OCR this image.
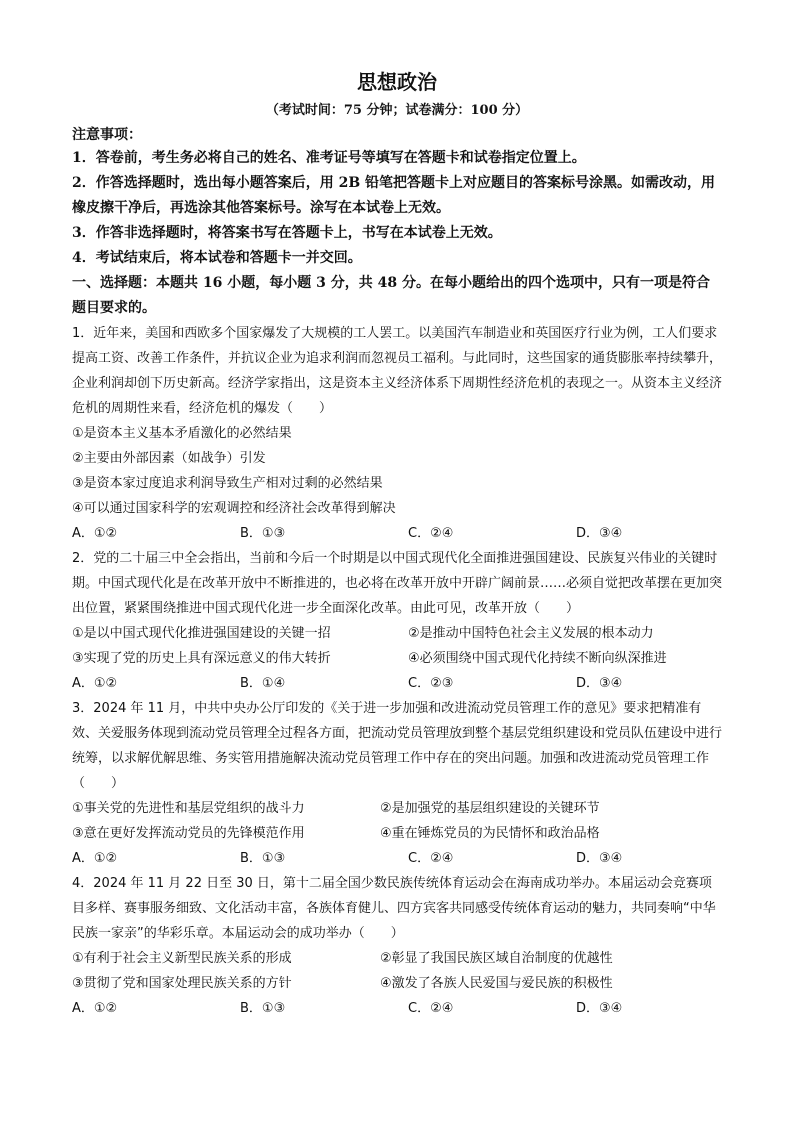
思想政治
（考试时间：75 分钟；试卷满分：100 分）
注意事项：
1．答卷前，考生务必将自己的姓名、准考证号等填写在答题卡和试卷指定位置上。
2．作答选择题时，选出每小题答案后，用 2B 铅笔把答题卡上对应题目的答案标号涂黑。如需改动，用橡皮擦干净后，再选涂其他答案标号。涂写在本试卷上无效。
3．作答非选择题时，将答案书写在答题卡上，书写在本试卷上无效。
4．考试结束后，将本试卷和答题卡一并交回。
一、选择题：本题共 16 小题，每小题 3 分，共 48 分。在每小题给出的四个选项中，只有一项是符合题目要求的。
1．近年来，美国和西欧多个国家爆发了大规模的工人罢工。以美国汽车制造业和英国医疗行业为例，工人们要求提高工资、改善工作条件，并抗议企业为追求利润而忽视员工福利。与此同时，这些国家的通货膨胀率持续攀升，企业利润却创下历史新高。经济学家指出，这是资本主义经济体系下周期性经济危机的表现之一。从资本主义经济危机的周期性来看，经济危机的爆发（　　）
①是资本主义基本矛盾激化的必然结果
②主要由外部因素（如战争）引发
③是资本家过度追求利润导致生产相对过剩的必然结果
④可以通过国家科学的宏观调控和经济社会改革得到解决
A．①②	B．①③	C．②④	D．③④
2．党的二十届三中全会指出，当前和今后一个时期是以中国式现代化全面推进强国建设、民族复兴伟业的关键时期。中国式现代化是在改革开放中不断推进的，也必将在改革开放中开辟广阔前景……必须自觉把改革摆在更加突出位置，紧紧围绕推进中国式现代化进一步全面深化改革。由此可见，改革开放（　　）
①是以中国式现代化推进强国建设的关键一招	②是推动中国特色社会主义发展的根本动力
③实现了党的历史上具有深远意义的伟大转折	④必须围绕中国式现代化持续不断向纵深推进
A．①②	B．①④	C．②③	D．③④
3．2024 年 11 月，中共中央办公厅印发的《关于进一步加强和改进流动党员管理工作的意见》要求把精准有效、关爱服务体现到流动党员管理全过程各方面，把流动党员管理放到整个基层党组织建设和党员队伍建设中进行统筹，以求解优解思维、务实管用措施解决流动党员管理工作中存在的突出问题。加强和改进流动党员管理工作（　　）
①事关党的先进性和基层党组织的战斗力	②是加强党的基层组织建设的关键环节
③意在更好发挥流动党员的先锋模范作用	④重在锤炼党员的为民情怀和政治品格
A．①②	B．①③	C．②④	D．③④
4．2024 年 11 月 22 日至 30 日，第十二届全国少数民族传统体育运动会在海南成功举办。本届运动会竞赛项目多样、赛事服务细致、文化活动丰富，各族体育健儿、四方宾客共同感受传统体育运动的魅力，共同奏响“中华民族一家亲”的华彩乐章。本届运动会的成功举办（　　）
①有利于社会主义新型民族关系的形成	②彰显了我国民族区域自治制度的优越性
③贯彻了党和国家处理民族关系的方针	④激发了各族人民爱国与爱民族的积极性
A．①②	B．①③	C．②④	D．③④
